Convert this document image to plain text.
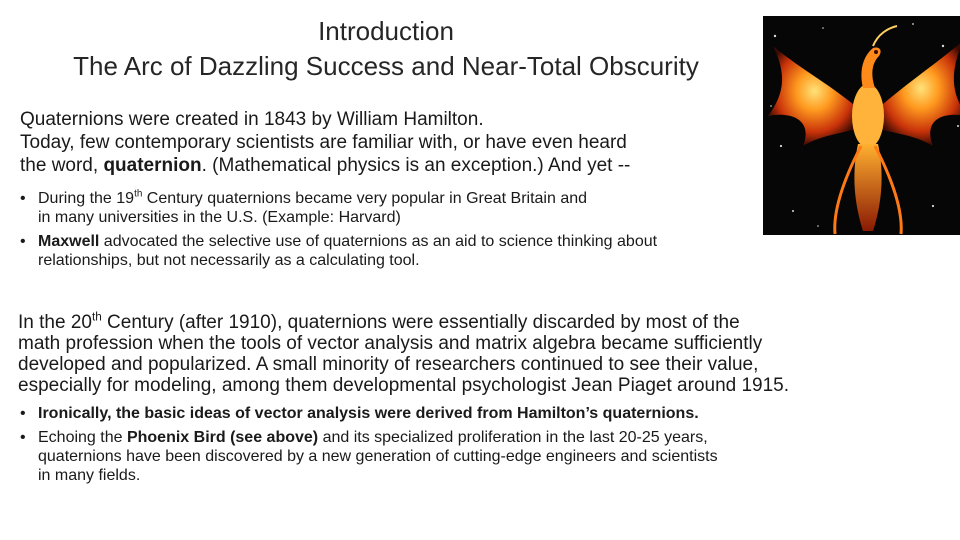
Introduction
The Arc of Dazzling Success and Near-Total Obscurity
Quaternions were created in 1843 by William Hamilton.
Today, few contemporary scientists are familiar with, or have even heard
the word, quaternion. (Mathematical physics is an exception.) And yet --
• During the 19th Century quaternions became very popular in Great Britain and
in many universities in the U.S. (Example: Harvard)
• Maxwell advocated the selective use of quaternions as an aid to science thinking about
relationships, but not necessarily as a calculating tool.
In the 20th Century (after 1910), quaternions were essentially discarded by most of the
math profession when the tools of vector analysis and matrix algebra became sufficiently
developed and popularized. A small minority of researchers continued to see their value,
especially for modeling, among them developmental psychologist Jean Piaget around 1915.
• Ironically, the basic ideas of vector analysis were derived from Hamilton’s quaternions.
• Echoing the Phoenix Bird (see above) and its specialized proliferation in the last 20-25 years,
quaternions have been discovered by a new generation of cutting-edge engineers and scientists
in many fields.
